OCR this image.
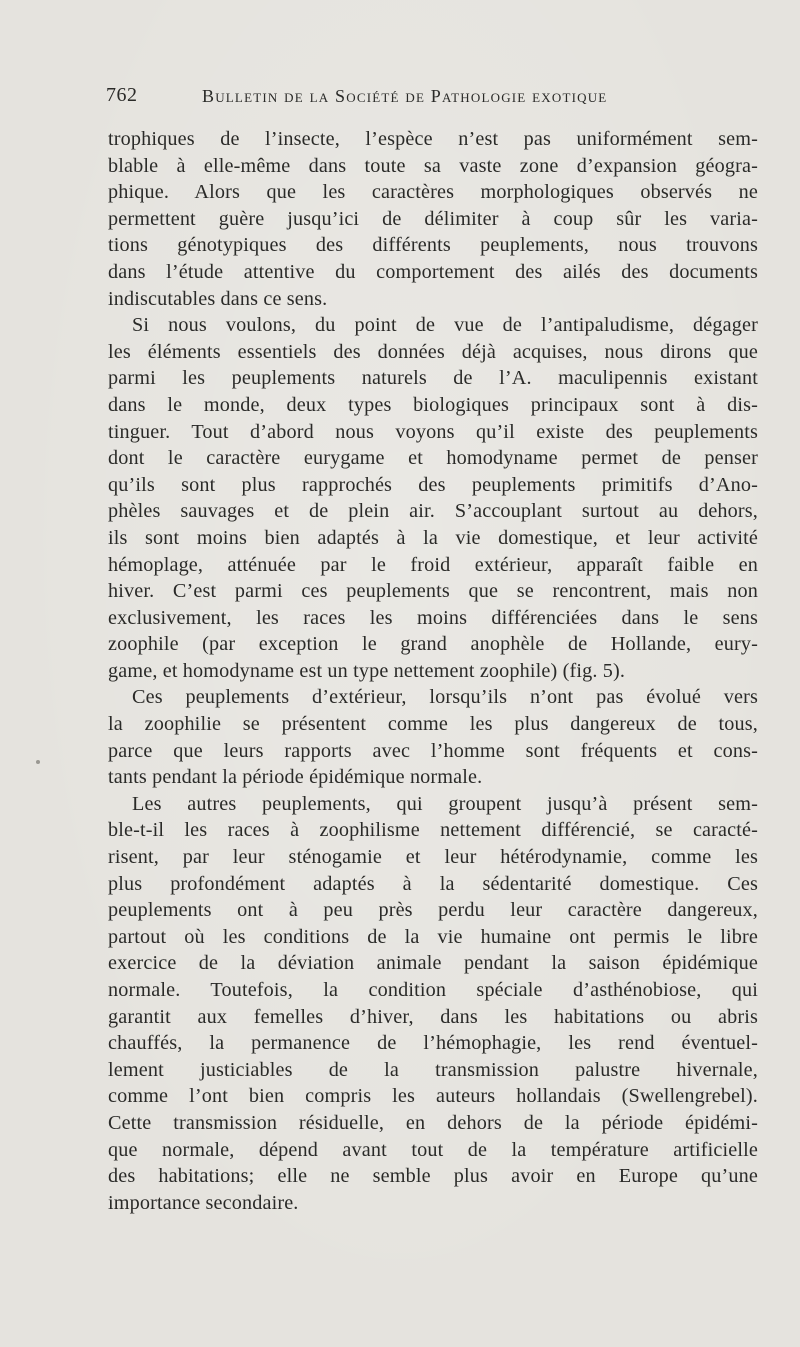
762	Bulletin de la Société de Pathologie exotique
trophiques de l’insecte, l’espèce n’est pas uniformément sem-
blable à elle-même dans toute sa vaste zone d’expansion géogra-
phique. Alors que les caractères morphologiques observés ne
permettent guère jusqu’ici de délimiter à coup sûr les varia-
tions génotypiques des différents peuplements, nous trouvons
dans l’étude attentive du comportement des ailés des documents
indiscutables dans ce sens.
Si nous voulons, du point de vue de l’antipaludisme, dégager
les éléments essentiels des données déjà acquises, nous dirons que
parmi les peuplements naturels de l’A. maculipennis existant
dans le monde, deux types biologiques principaux sont à dis-
tinguer. Tout d’abord nous voyons qu’il existe des peuplements
dont le caractère eurygame et homodyname permet de penser
qu’ils sont plus rapprochés des peuplements primitifs d’Ano-
phèles sauvages et de plein air. S’accouplant surtout au dehors,
ils sont moins bien adaptés à la vie domestique, et leur activité
hémoplage, atténuée par le froid extérieur, apparaît faible en
hiver. C’est parmi ces peuplements que se rencontrent, mais non
exclusivement, les races les moins différenciées dans le sens
zoophile (par exception le grand anophèle de Hollande, eury-
game, et homodyname est un type nettement zoophile) (fig. 5).
Ces peuplements d’extérieur, lorsqu’ils n’ont pas évolué vers
la zoophilie se présentent comme les plus dangereux de tous,
parce que leurs rapports avec l’homme sont fréquents et cons-
tants pendant la période épidémique normale.
Les autres peuplements, qui groupent jusqu’à présent sem-
ble-t-il les races à zoophilisme nettement différencié, se caracté-
risent, par leur sténogamie et leur hétérodynamie, comme les
plus profondément adaptés à la sédentarité domestique. Ces
peuplements ont à peu près perdu leur caractère dangereux,
partout où les conditions de la vie humaine ont permis le libre
exercice de la déviation animale pendant la saison épidémique
normale. Toutefois, la condition spéciale d’asthénobiose, qui
garantit aux femelles d’hiver, dans les habitations ou abris
chauffés, la permanence de l’hémophagie, les rend éventuel-
lement justiciables de la transmission palustre hivernale,
comme l’ont bien compris les auteurs hollandais (Swellengrebel).
Cette transmission résiduelle, en dehors de la période épidémi-
que normale, dépend avant tout de la température artificielle
des habitations; elle ne semble plus avoir en Europe qu’une
importance secondaire.
